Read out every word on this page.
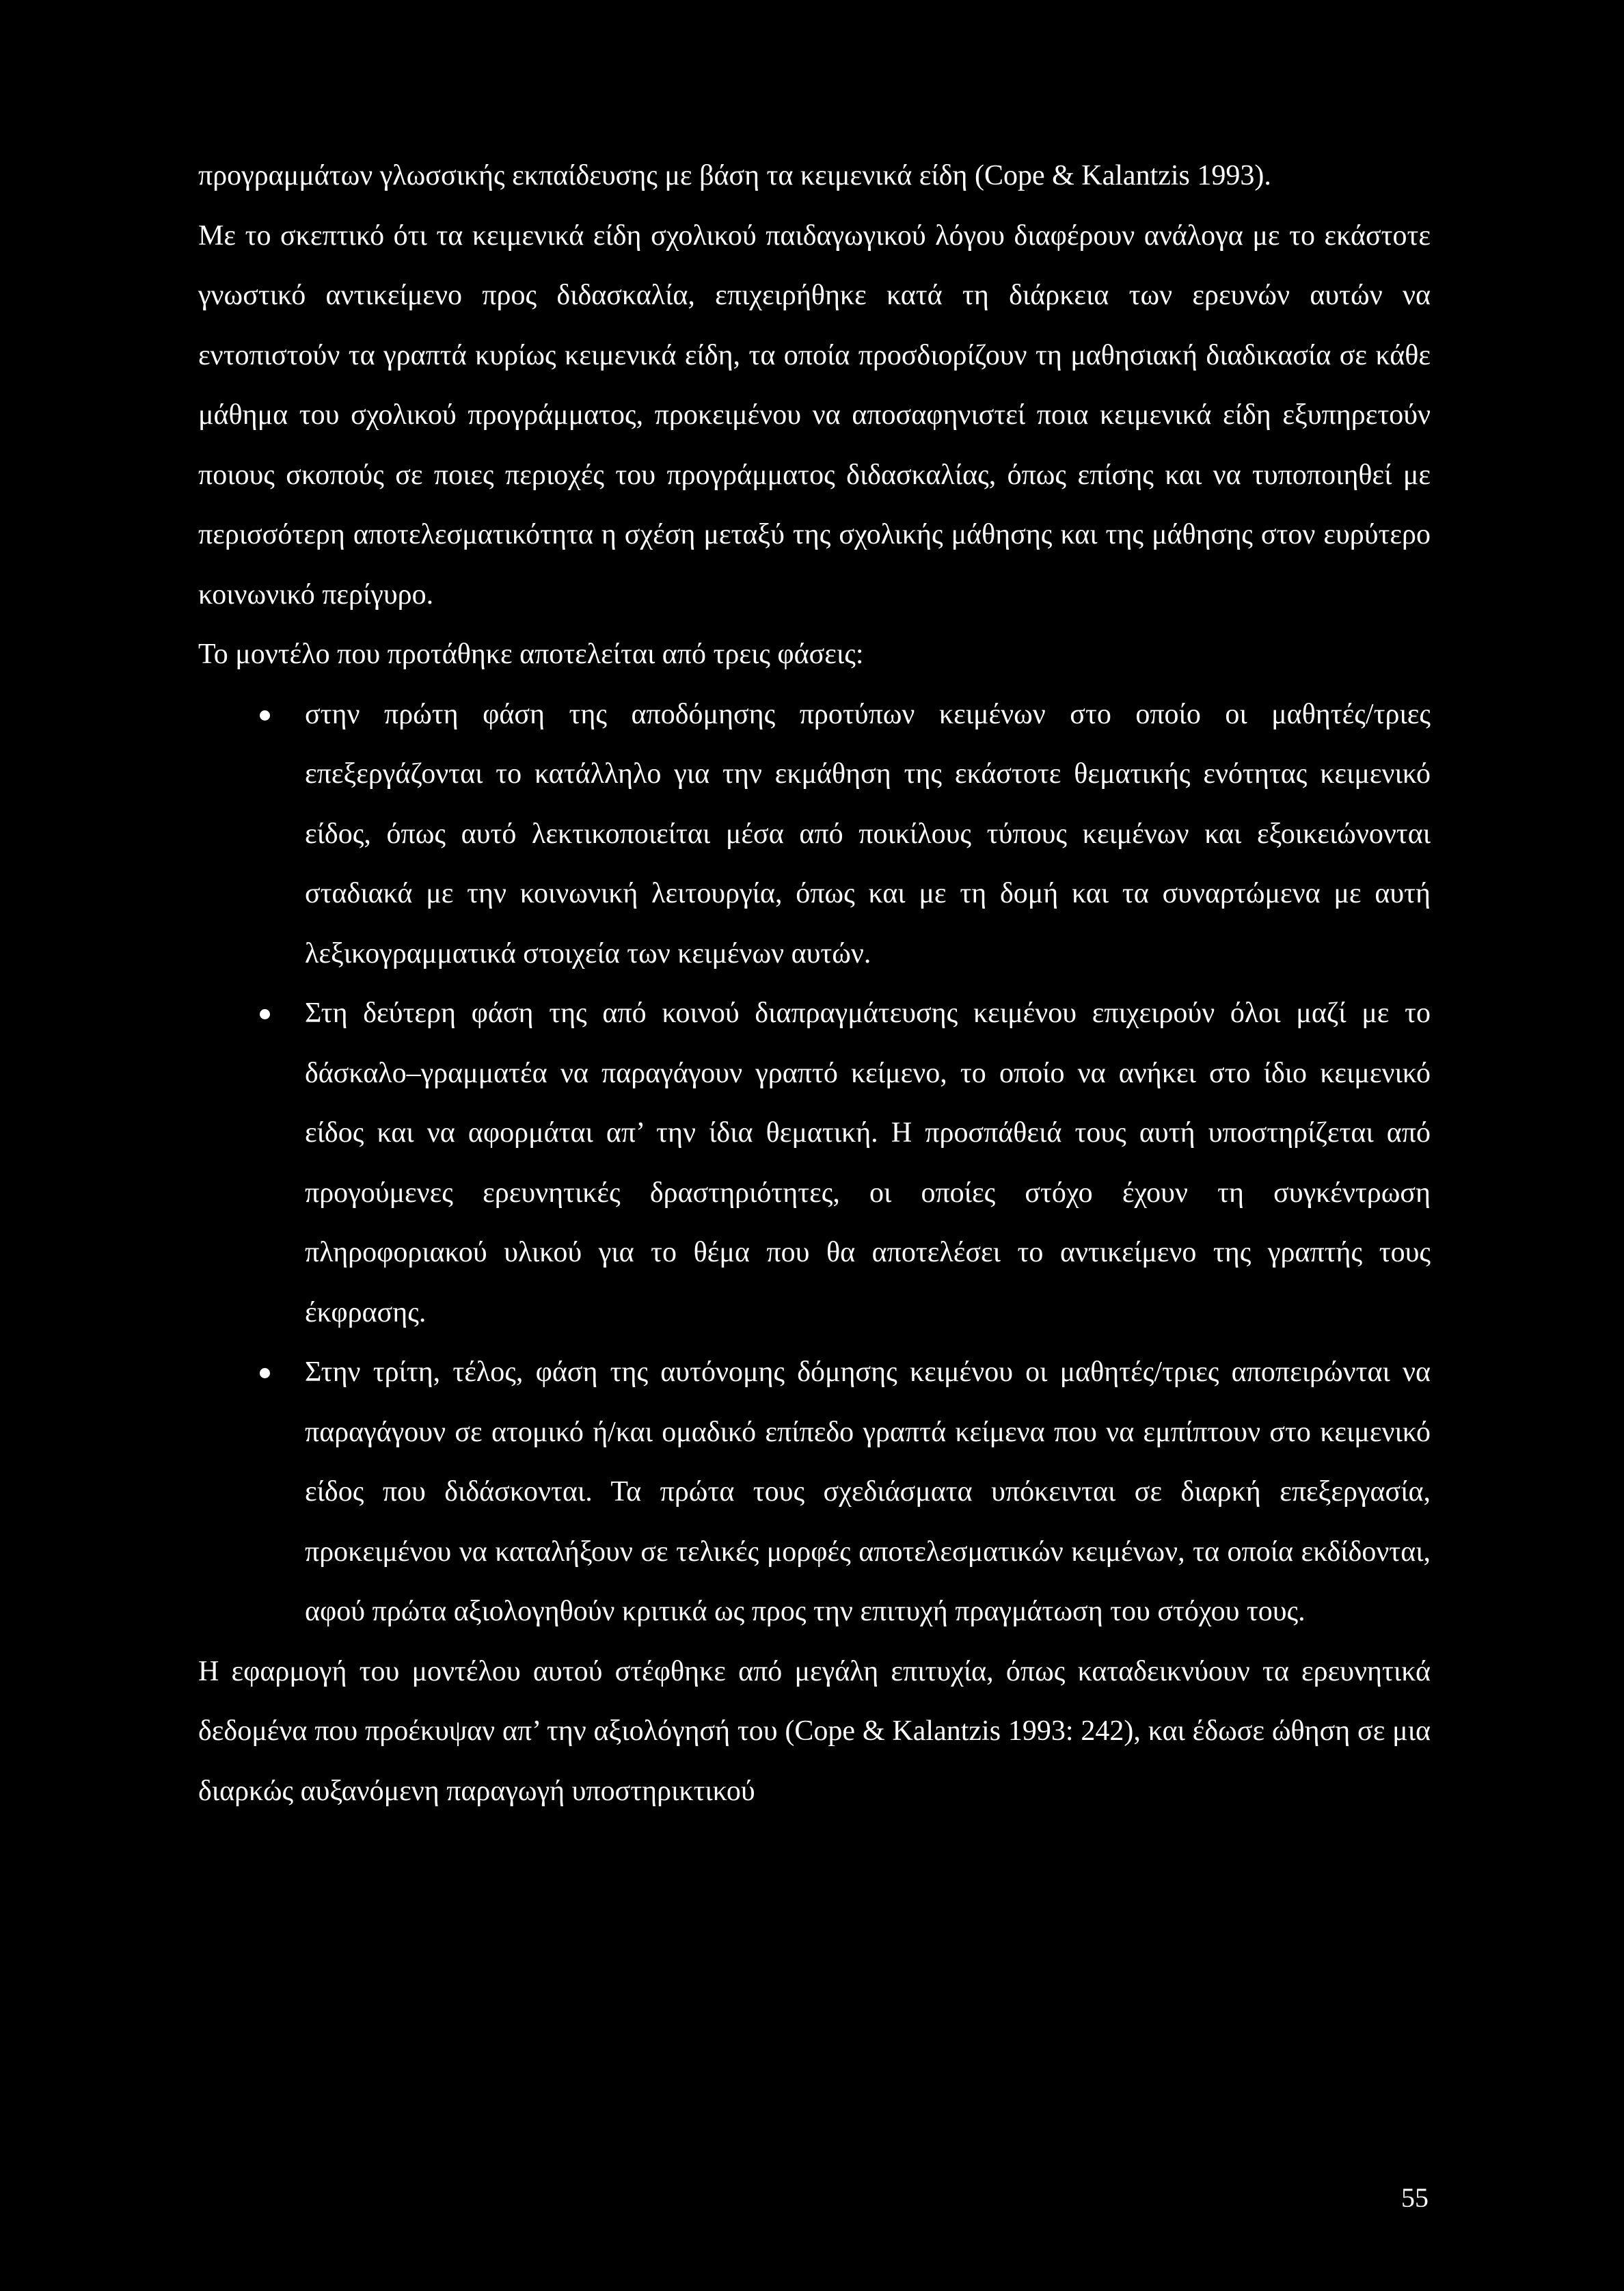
προγραμμάτων γλωσσικής εκπαίδευσης με βάση τα κειμενικά είδη (Cope & Kalantzis 1993).

Με το σκεπτικό ότι τα κειμενικά είδη σχολικού παιδαγωγικού λόγου διαφέρουν ανάλογα με το εκάστοτε γνωστικό αντικείμενο προς διδασκαλία, επιχειρήθηκε κατά τη διάρκεια των ερευνών αυτών να εντοπιστούν τα γραπτά κυρίως κειμενικά είδη, τα οποία προσδιορίζουν τη μαθησιακή διαδικασία σε κάθε μάθημα του σχολικού προγράμματος, προκειμένου να αποσαφηνιστεί ποια κειμενικά είδη εξυπηρετούν ποιους σκοπούς σε ποιες περιοχές του προγράμματος διδασκαλίας, όπως επίσης και να τυποποιηθεί με περισσότερη αποτελεσματικότητα η σχέση μεταξύ της σχολικής μάθησης και της μάθησης στον ευρύτερο κοινωνικό περίγυρο.

Το μοντέλο που προτάθηκε αποτελείται από τρεις φάσεις:

στην πρώτη φάση της αποδόμησης προτύπων κειμένων στο οποίο οι μαθητές/τριες επεξεργάζονται το κατάλληλο για την εκμάθηση της εκάστοτε θεματικής ενότητας κειμενικό είδος, όπως αυτό λεκτικοποιείται μέσα από ποικίλους τύπους κειμένων και εξοικειώνονται σταδιακά με την κοινωνική λειτουργία, όπως και με τη δομή και τα συναρτώμενα με αυτή λεξικογραμματικά στοιχεία των κειμένων αυτών.
Στη δεύτερη φάση της από κοινού διαπραγμάτευσης κειμένου επιχειρούν όλοι μαζί με το δάσκαλο–γραμματέα να παραγάγουν γραπτό κείμενο, το οποίο να ανήκει στο ίδιο κειμενικό είδος και να αφορμάται απ’ την ίδια θεματική. Η προσπάθειά τους αυτή υποστηρίζεται από προγούμενες ερευνητικές δραστηριότητες, οι οποίες στόχο έχουν τη συγκέντρωση πληροφοριακού υλικού για το θέμα που θα αποτελέσει το αντικείμενο της γραπτής τους έκφρασης.
Στην τρίτη, τέλος, φάση της αυτόνομης δόμησης κειμένου οι μαθητές/τριες αποπειρώνται να παραγάγουν σε ατομικό ή/και ομαδικό επίπεδο γραπτά κείμενα που να εμπίπτουν στο κειμενικό είδος που διδάσκονται. Τα πρώτα τους σχεδιάσματα υπόκεινται σε διαρκή επεξεργασία, προκειμένου να καταλήξουν σε τελικές μορφές αποτελεσματικών κειμένων, τα οποία εκδίδονται, αφού πρώτα αξιολογηθούν κριτικά ως προς την επιτυχή πραγμάτωση του στόχου τους.

Η εφαρμογή του μοντέλου αυτού στέφθηκε από μεγάλη επιτυχία, όπως καταδεικνύουν τα ερευνητικά δεδομένα που προέκυψαν απ’ την αξιολόγησή του (Cope & Kalantzis 1993: 242), και έδωσε ώθηση σε μια διαρκώς αυξανόμενη παραγωγή υποστηρικτικού

55
